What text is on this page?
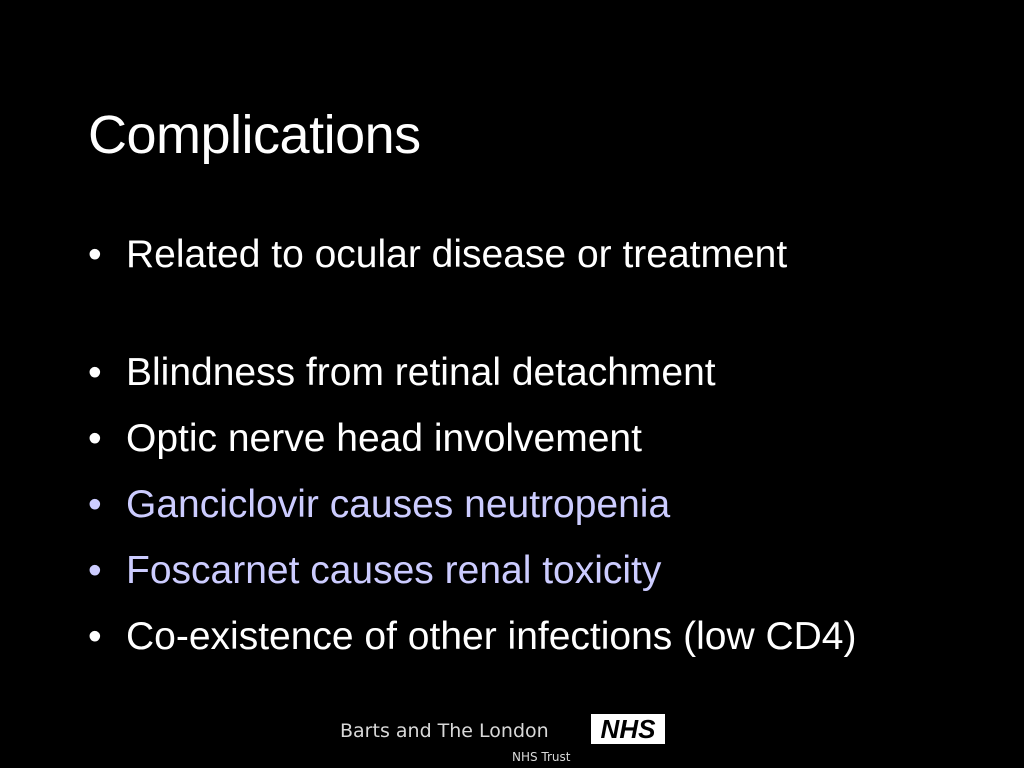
Complications
• Related to ocular disease or treatment
• Blindness from retinal detachment
• Optic nerve head involvement
• Ganciclovir causes neutropenia
• Foscarnet causes renal toxicity
• Co-existence of other infections (low CD4)
Barts and The London NHS
NHS Trust
